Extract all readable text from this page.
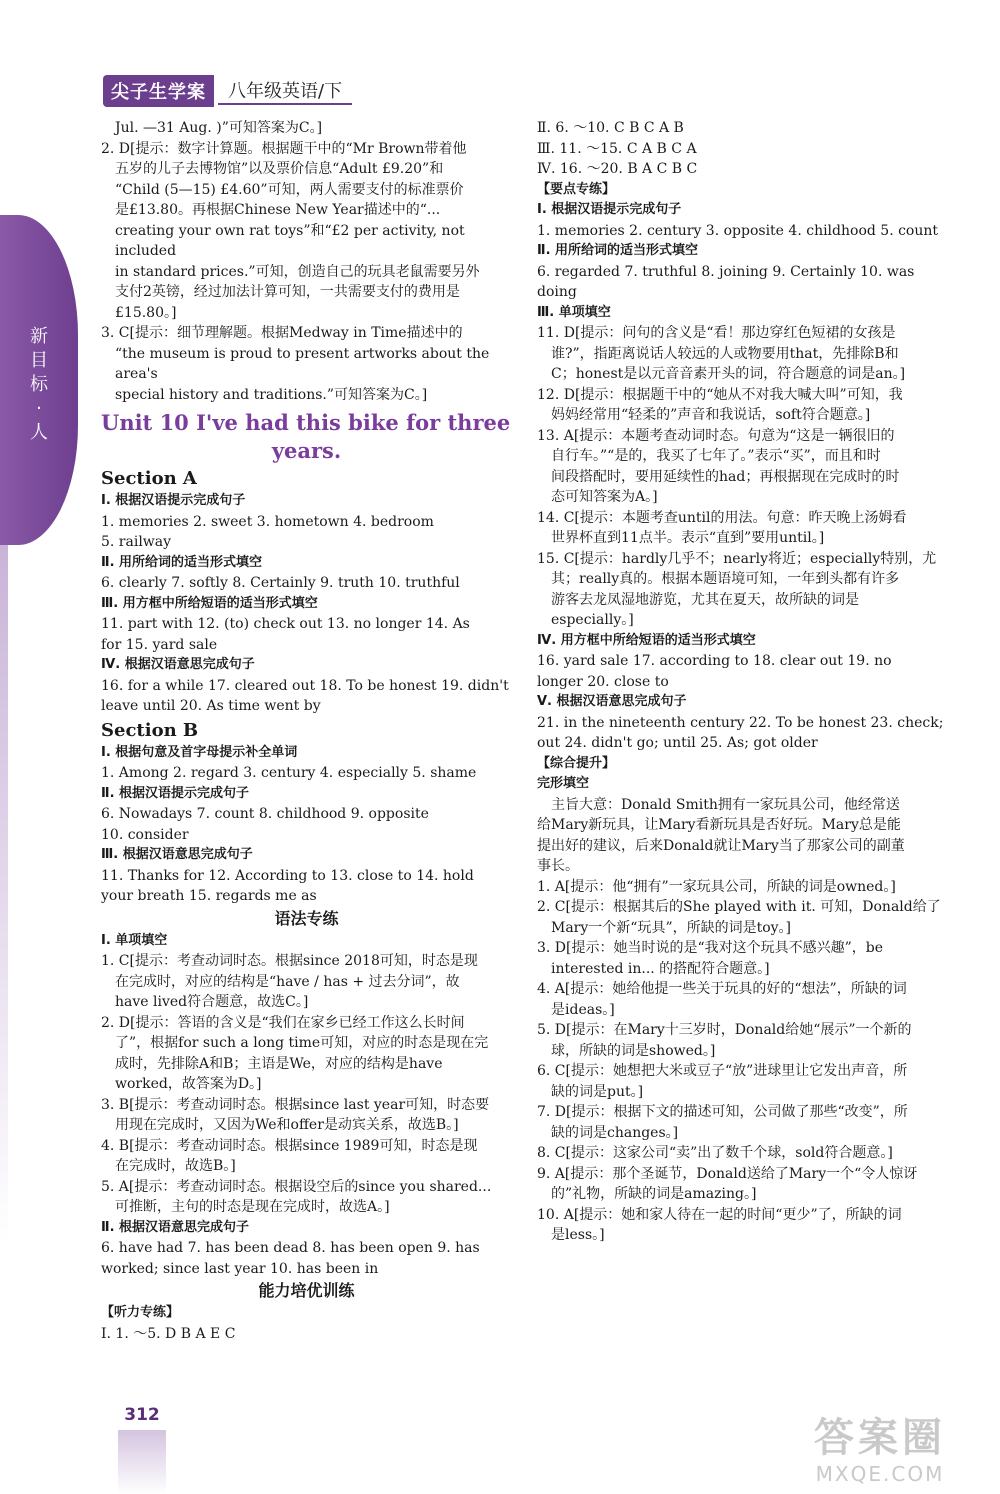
尖子生学案	八年级英语/下
新目标·人

Jul. —31 Aug. )”可知答案为C。]

2. D[提示：数字计算题。根据题干中的“Mr Brown带着他

五岁的儿子去博物馆”以及票价信息“Adult £9.20”和

“Child (5—15) £4.60”可知，两人需要支付的标准票价

是£13.80。再根据Chinese New Year描述中的“...

creating your own rat toys”和“£2 per activity, not included

in standard prices.”可知，创造自己的玩具老鼠需要另外

支付2英镑，经过加法计算可知，一共需要支付的费用是

£15.80。]

3. C[提示：细节理解题。根据Medway in Time描述中的

“the museum is proud to present artworks about the area's

special history and traditions.”可知答案为C。]

Unit 10 I've had this bike for three
years.
Section A

Ⅰ. 根据汉语提示完成句子

1. memories 2. sweet 3. hometown 4. bedroom

5. railway

Ⅱ. 用所给词的适当形式填空

6. clearly 7. softly 8. Certainly 9. truth 10. truthful

Ⅲ. 用方框中所给短语的适当形式填空

11. part with 12. (to) check out 13. no longer 14. As

for 15. yard sale

Ⅳ. 根据汉语意思完成句子

16. for a while 17. cleared out 18. To be honest 19. didn't

leave until 20. As time went by

Section B

Ⅰ. 根据句意及首字母提示补全单词

1. Among 2. regard 3. century 4. especially 5. shame

Ⅱ. 根据汉语提示完成句子

6. Nowadays 7. count 8. childhood 9. opposite

10. consider

Ⅲ. 根据汉语意思完成句子

11. Thanks for 12. According to 13. close to 14. hold

your breath 15. regards me as

语法专练

Ⅰ. 单项填空

1. C[提示：考查动词时态。根据since 2018可知，时态是现

在完成时，对应的结构是“have / has + 过去分词”，故

have lived符合题意，故选C。]

2. D[提示：答语的含义是“我们在家乡已经工作这么长时间

了”，根据for such a long time可知，对应的时态是现在完

成时，先排除A和B；主语是We，对应的结构是have

worked，故答案为D。]

3. B[提示：考查动词时态。根据since last year可知，时态要

用现在完成时，又因为We和offer是动宾关系，故选B。]

4. B[提示：考查动词时态。根据since 1989可知，时态是现

在完成时，故选B。]

5. A[提示：考查动词时态。根据设空后的since you shared...

可推断，主句的时态是现在完成时，故选A。]

Ⅱ. 根据汉语意思完成句子

6. have had 7. has been dead 8. has been open 9. has

worked; since last year 10. has been in

能力培优训练

【听力专练】

Ⅰ. 1. ～5. D B A E C

Ⅱ. 6. ～10. C B C A B

Ⅲ. 11. ～15. C A B C A

Ⅳ. 16. ～20. B A C B C

【要点专练】

Ⅰ. 根据汉语提示完成句子

1. memories 2. century 3. opposite 4. childhood 5. count

Ⅱ. 用所给词的适当形式填空

6. regarded 7. truthful 8. joining 9. Certainly 10. was

doing

Ⅲ. 单项填空

11. D[提示：问句的含义是“看！那边穿红色短裙的女孩是

谁?”，指距离说话人较远的人或物要用that，先排除B和

C；honest是以元音音素开头的词，符合题意的词是an。]

12. D[提示：根据题干中的“她从不对我大喊大叫”可知，我

妈妈经常用“轻柔的”声音和我说话，soft符合题意。]

13. A[提示：本题考查动词时态。句意为“这是一辆很旧的

自行车。”“是的，我买了七年了。”表示“买”，而且和时

间段搭配时，要用延续性的had；再根据现在完成时的时

态可知答案为A。]

14. C[提示：本题考查until的用法。句意：昨天晚上汤姆看

世界杯直到11点半。表示“直到”要用until。]

15. C[提示：hardly几乎不；nearly将近；especially特别，尤

其；really真的。根据本题语境可知，一年到头都有许多

游客去龙凤湿地游览，尤其在夏天，故所缺的词是

especially。]

Ⅳ. 用方框中所给短语的适当形式填空

16. yard sale 17. according to 18. clear out 19. no

longer 20. close to

Ⅴ. 根据汉语意思完成句子

21. in the nineteenth century 22. To be honest 23. check;

out 24. didn't go; until 25. As; got older

【综合提升】

完形填空

主旨大意：Donald Smith拥有一家玩具公司，他经常送

给Mary新玩具，让Mary看新玩具是否好玩。Mary总是能

提出好的建议，后来Donald就让Mary当了那家公司的副董

事长。

1. A[提示：他“拥有”一家玩具公司，所缺的词是owned。]

2. C[提示：根据其后的She played with it. 可知，Donald给了

Mary一个新“玩具”，所缺的词是toy。]

3. D[提示：她当时说的是“我对这个玩具不感兴趣”，be

interested in... 的搭配符合题意。]

4. A[提示：她给他提一些关于玩具的好的“想法”，所缺的词

是ideas。]

5. D[提示：在Mary十三岁时，Donald给她“展示”一个新的

球，所缺的词是showed。]

6. C[提示：她想把大米或豆子“放”进球里让它发出声音，所

缺的词是put。]

7. D[提示：根据下文的描述可知，公司做了那些“改变”，所

缺的词是changes。]

8. C[提示：这家公司“卖”出了数千个球，sold符合题意。]

9. A[提示：那个圣诞节，Donald送给了Mary一个“令人惊讶

的”礼物，所缺的词是amazing。]

10. A[提示：她和家人待在一起的时间“更少”了，所缺的词

是less。]

312	答案圈
MXQE.COM
